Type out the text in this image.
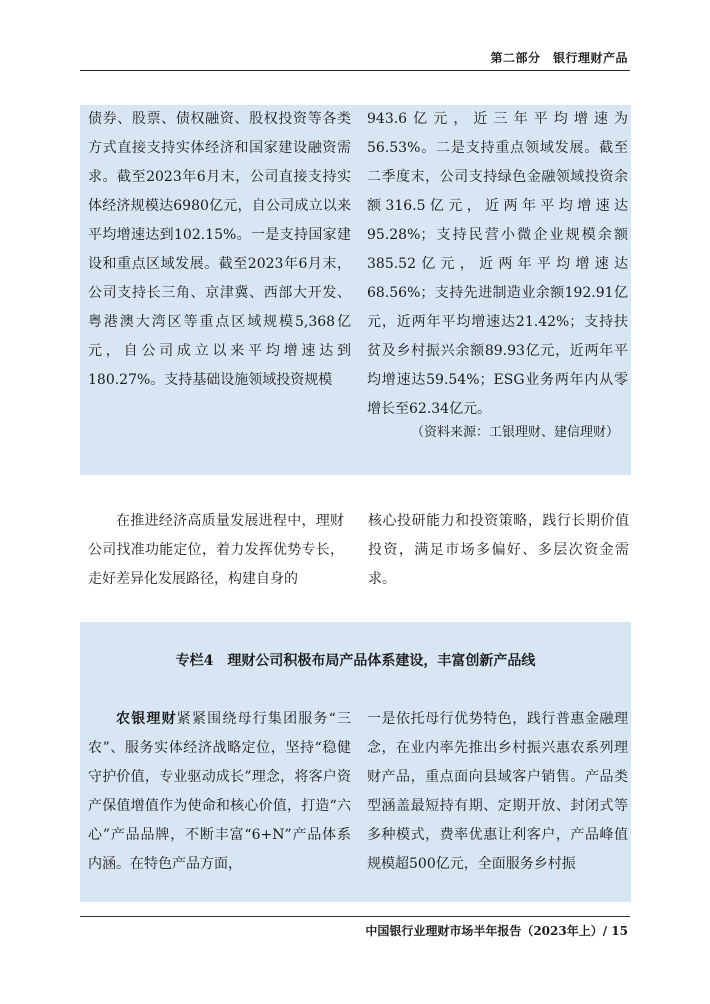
第二部分　银行理财产品

债券、股票、债权融资、股权投资等各类方式直接支持实体经济和国家建设融资需求。截至2023年6月末，公司直接支持实体经济规模达6980亿元，自公司成立以来平均增速达到102.15%。一是支持国家建设和重点区域发展。截至2023年6月末，公司支持长三角、京津冀、西部大开发、粤港澳大湾区等重点区域规模5,368亿元，自公司成立以来平均增速达到180.27%。支持基础设施领域投资规模

943.6亿元，近三年平均增速为56.53%。二是支持重点领域发展。截至二季度末，公司支持绿色金融领域投资余额316.5亿元，近两年平均增速达95.28%；支持民营小微企业规模余额385.52亿元，近两年平均增速达68.56%；支持先进制造业余额192.91亿元，近两年平均增速达21.42%；支持扶贫及乡村振兴余额89.93亿元，近两年平均增速达59.54%；ESG业务两年内从零增长至62.34亿元。

（资料来源：工银理财、建信理财）

在推进经济高质量发展进程中，理财公司找准功能定位，着力发挥优势专长，走好差异化发展路径，构建自身的

核心投研能力和投资策略，践行长期价值投资，满足市场多偏好、多层次资金需求。

专栏4　理财公司积极布局产品体系建设，丰富创新产品线

农银理财紧紧围绕母行集团服务“三农”、服务实体经济战略定位，坚持“稳健守护价值，专业驱动成长”理念，将客户资产保值增值作为使命和核心价值，打造“六心”产品品牌，不断丰富“6+N”产品体系内涵。在特色产品方面，

一是依托母行优势特色，践行普惠金融理念，在业内率先推出乡村振兴惠农系列理财产品，重点面向县域客户销售。产品类型涵盖最短持有期、定期开放、封闭式等多种模式，费率优惠让利客户，产品峰值规模超500亿元，全面服务乡村振

中国银行业理财市场半年报告（2023年上）/ 15
